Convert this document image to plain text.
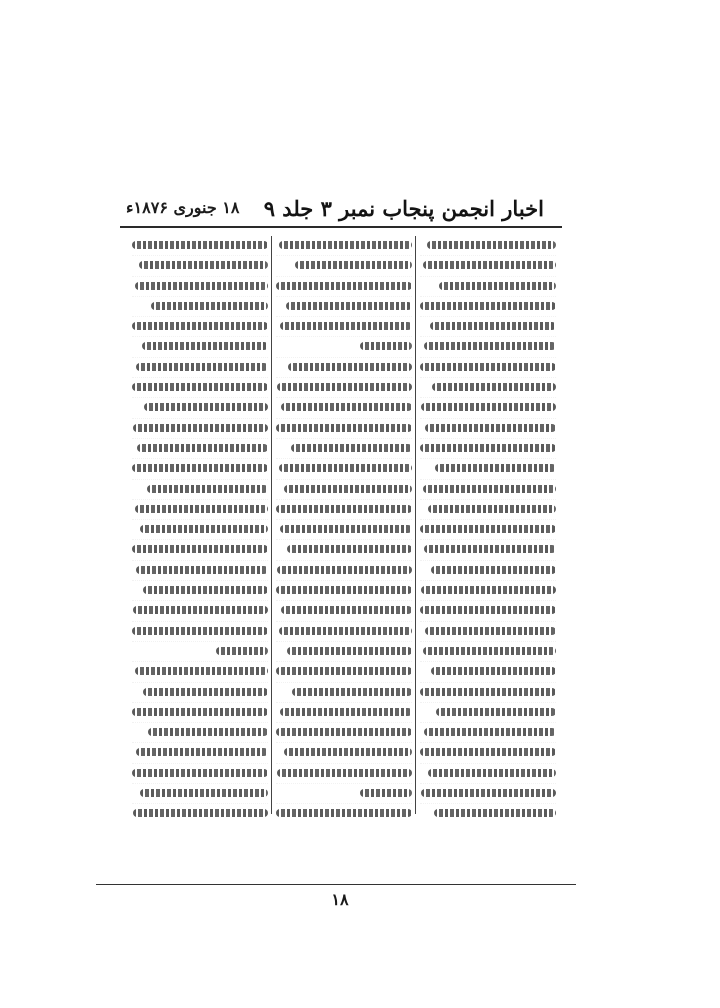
اخبار انجمن پنجاب نمبر ۳ جلد ۹
۱۸ جنوری ۱۸۷۶ء
۱۸
